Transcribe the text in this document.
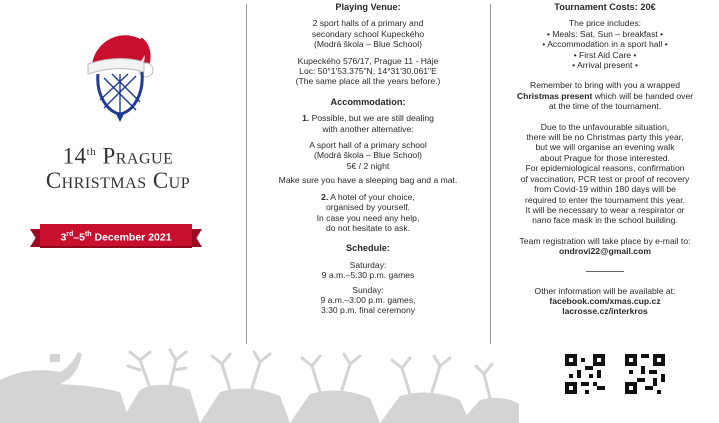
14th Prague
Christmas Cup
3rd–5th December 2021

Playing Venue:

2 sport halls of a primary and

secondary school Kupeckého

(Modrá škola – Blue School)

Kupeckého 576/17, Prague 11 - Háje

Loc: 50°1'53.375"N, 14°31'30.061"E

(The same place all the years before.)

Accommodation:

1. Possible, but we are still dealing

with another alternative:

A sport hall of a primary school

(Modrá škola – Blue School)

5€ / 2 night

Make sure you have a sleeping bag and a mat.

2. A hotel of your choice,

organised by yourself.

In case you need any help,

do not hesitate to ask.

Schedule:

Saturday:

9 a.m.–5:30 p.m. games

Sunday:

9 a.m.–3:00 p.m. games,

3:30 p.m. final ceremony

Tournament Costs: 20€

The price includes:

• Meals: Sat, Sun – breakfast •

• Accommodation in a sport hall •

• First Aid Care •

• Arrival present •

Remember to bring with you a wrapped

Christmas present which will be handed over

at the time of the tournament.

Due to the unfavourable situation,

there will be no Christmas party this year,

but we will organise an evening walk

about Prague for those interested.

For epidemiological reasons, confirmation

of vaccination, PCR test or proof of recovery

from Covid-19 within 180 days will be

required to enter the tournament this year.

It will be necessary to wear a respirator or

nano face mask in the school building.

Team registration will take place by e-mail to:

ondrovi22@gmail.com

Other information will be available at:

facebook.com/xmas.cup.cz

lacrosse.cz/interkros
